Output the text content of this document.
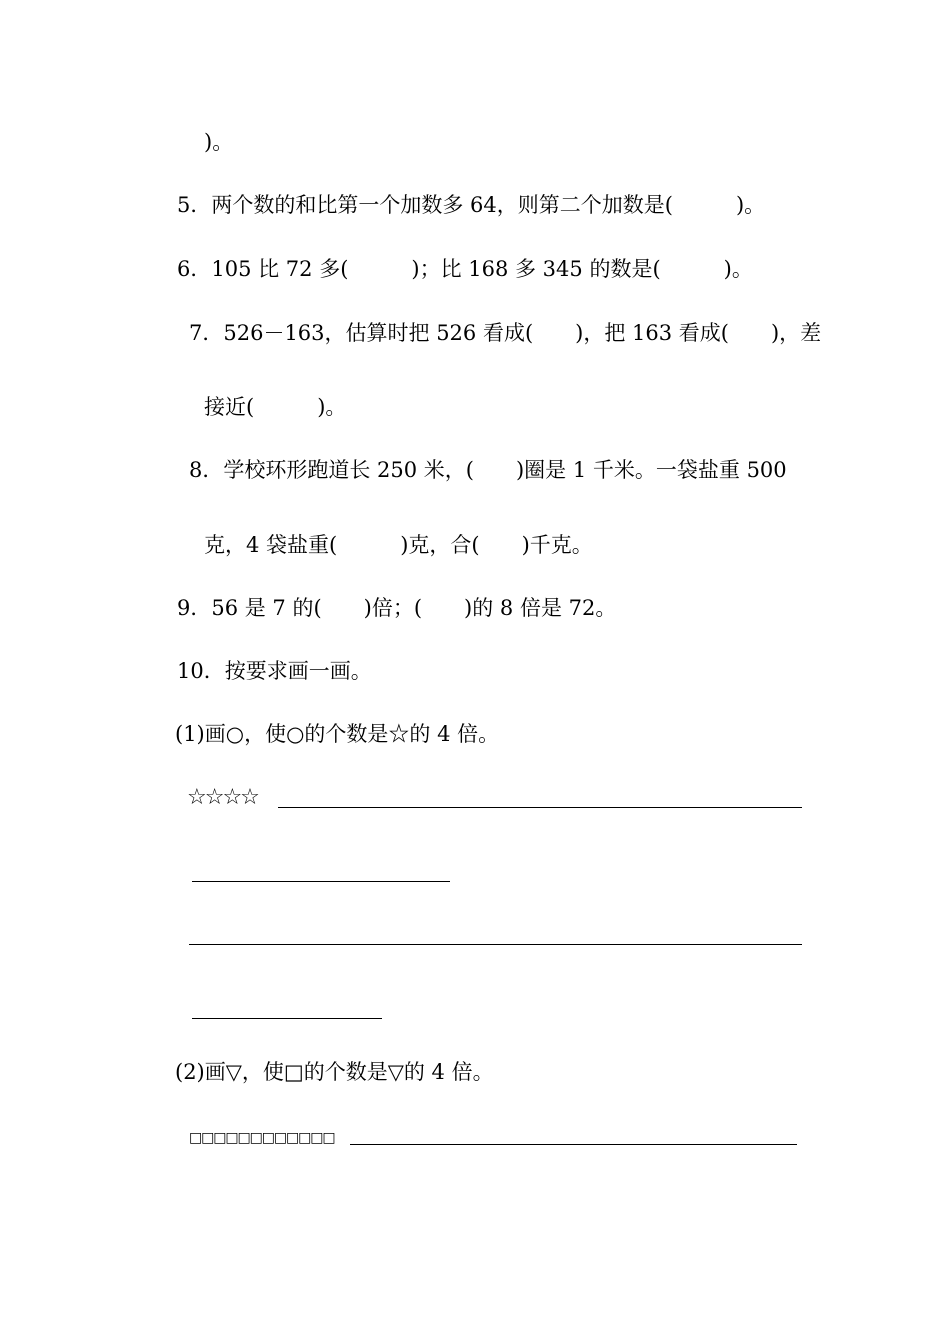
)。
5．两个数的和比第一个加数多 64，则第二个加数是(　　　)。
6．105 比 72 多(　　　)；比 168 多 345 的数是(　　　)。
7．526－163，估算时把 526 看成(　　)，把 163 看成(　　)，差
接近(　　　)。
8．学校环形跑道长 250 米，(　　)圈是 1 千米。一袋盐重 500
克，4 袋盐重(　　　)克，合(　　)千克。
9．56 是 7 的(　　)倍；(　　)的 8 倍是 72。
10．按要求画一画。
(1)画○，使○的个数是☆的 4 倍。
☆☆☆☆
(2)画▽，使□的个数是▽的 4 倍。
□□□□□□□□□□□□
